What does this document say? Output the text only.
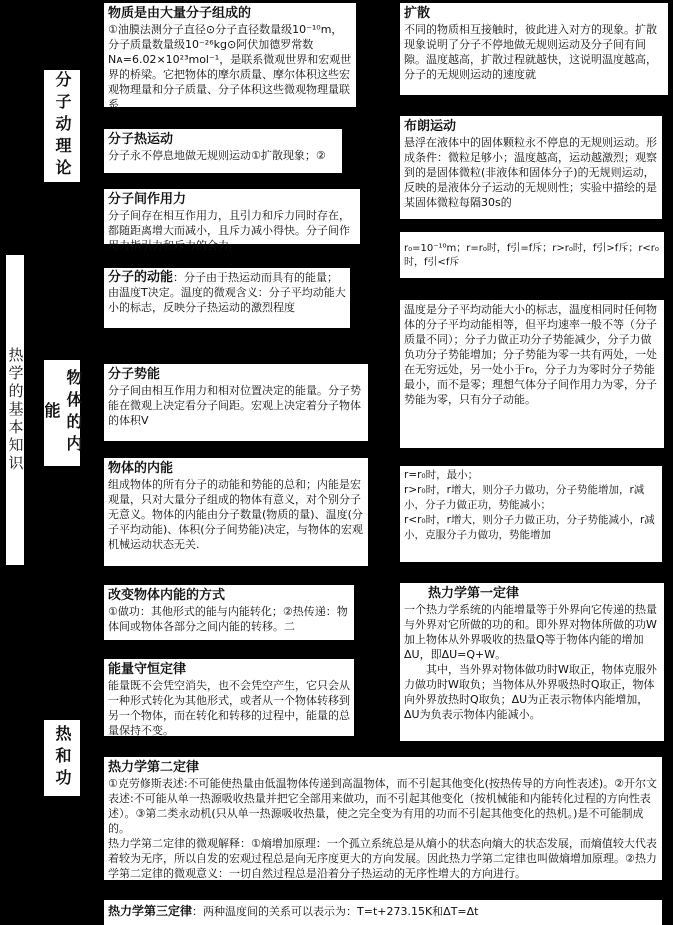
热学的基本知识
分子动理论
物体的内能
热和功
物质是由大量分子组成的
①油膜法测分子直径⊙分子直径数量级10⁻¹⁰m，分子质量数量级10⁻²⁶kg⊙阿伏加德罗常数Nᴀ=6.02×10²³mol⁻¹，是联系微观世界和宏观世界的桥梁。它把物体的摩尔质量、摩尔体积这些宏观物理量和分子质量、分子体积这些微观物理量联系
分子热运动
分子永不停息地做无规则运动①扩散现象；②
分子间作用力
分子间存在相互作用力，且引力和斥力同时存在，都随距离增大而减小，且斥力减小得快。分子间作用力指引力和斥力的合力。
分子的动能：分子由于热运动而具有的能量；由温度T决定。温度的微观含义：分子平均动能大小的标志，反映分子热运动的激烈程度
分子势能
分子间由相互作用力和相对位置决定的能量。分子势能在微观上决定看分子间距。宏观上决定着分子物体的体积V
物体的内能
组成物体的所有分子的动能和势能的总和；内能是宏观量，只对大量分子组成的物体有意义，对个别分子无意义。物体的内能由分子数量(物质的量)、温度(分子平均动能)、体积(分子间势能)决定，与物体的宏观机械运动状态无关.
改变物体内能的方式
①做功：其他形式的能与内能转化；②热传递：物体间或物体各部分之间内能的转移。二
能量守恒定律
能量既不会凭空消失，也不会凭空产生，它只会从一种形式转化为其他形式，或者从一个物体转移到另一个物体，而在转化和转移的过程中，能量的总量保持不变。
扩散
不同的物质相互接触时，彼此进入对方的现象。扩散现象说明了分子不停地做无规则运动及分子间有间隙。温度越高，扩散过程就越快，这说明温度越高，分子的无规则运动的速度就
布朗运动
悬浮在液体中的固体颗粒永不停息的无规则运动。形成条件：微粒足够小；温度越高，运动越激烈；观察到的是固体微粒(非液体和固体分子)的无规则运动，反映的是液体分子运动的无规则性；实验中描绘的是某固体微粒每隔30s的
r₀=10⁻¹⁰m；r=r₀时，f引=f斥；r>r₀时，f引>f斥；r<r₀时，f引<f斥
温度是分子平均动能大小的标志，温度相同时任何物体的分子平均动能相等，但平均速率一般不等（分子质量不同）；分子力做正功分子势能减少，分子力做负功分子势能增加；分子势能为零一共有两处，一处在无穷远处，另一处小于r₀，分子力为零时分子势能最小，而不是零；理想气体分子间作用力为零，分子势能为零，只有分子动能。
r=r₀时，最小；
r>r₀时，r增大，则分子力做功，分子势能增加，r减小，分子力做正功，势能减小；
r<r₀时，r增大，则分子力做正功，分子势能减小，r减小，克服分子力做功，势能增加
热力学第一定律
一个热力学系统的内能增量等于外界向它传递的热量与外界对它所做的功的和。即外界对物体所做的功W加上物体从外界吸收的热量Q等于物体内能的增加ΔU，即ΔU=Q+W。
其中，当外界对物体做功时W取正，物体克服外力做功时W取负；当物体从外界吸热时Q取正，物体向外界放热时Q取负；ΔU为正表示物体内能增加，ΔU为负表示物体内能减小。
热力学第二定律
①克劳修斯表述:不可能使热量由低温物体传递到高温物体，而不引起其他变化(按热传导的方向性表述)。②开尔文表述:不可能从单一热源吸收热量并把它全部用来做功，而不引起其他变化（按机械能和内能转化过程的方向性表述）。③第二类永动机(只从单一热源吸收热量，使之完全变为有用的功而不引起其他变化的热机。)是不可能制成的。
热力学第二定律的微观解释：①熵增加原理：一个孤立系统总是从熵小的状态向熵大的状态发展，而熵值较大代表着较为无序，所以自发的宏观过程总是向无序度更大的方向发展。因此热力学第二定律也叫做熵增加原理。②热力学第二定律的微观意义：一切自然过程总是沿着分子热运动的无序性增大的方向进行。
热力学第三定律：两种温度间的关系可以表示为：T=t+273.15K和ΔT=Δt
